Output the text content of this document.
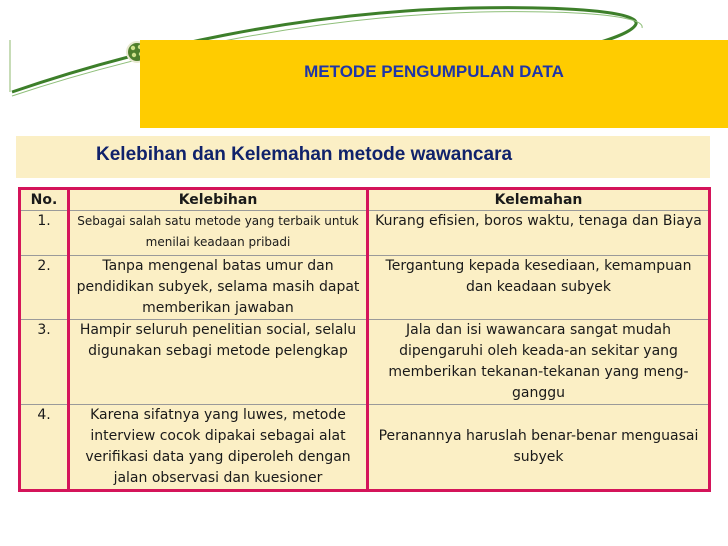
METODE PENGUMPULAN DATA
Kelebihan dan Kelemahan metode wawancara
No.	Kelebihan	Kelemahan
1.	Sebagai salah satu metode yang terbaik untuk menilai keadaan pribadi	Kurang efisien, boros waktu, tenaga dan Biaya
2.	Tanpa mengenal batas umur dan pendidikan subyek, selama masih dapat memberikan jawaban	Tergantung kepada kesediaan, kemampuan dan keadaan subyek
3.	Hampir seluruh penelitian social, selalu digunakan sebagi metode pelengkap	Jala dan isi wawancara sangat mudah dipengaruhi oleh keada-an sekitar yang memberikan tekanan-tekanan yang meng-ganggu
4.	Karena sifatnya yang luwes, metode interview cocok dipakai sebagai alat verifikasi data yang diperoleh dengan jalan observasi dan kuesioner	Peranannya haruslah benar-benar menguasai subyek
